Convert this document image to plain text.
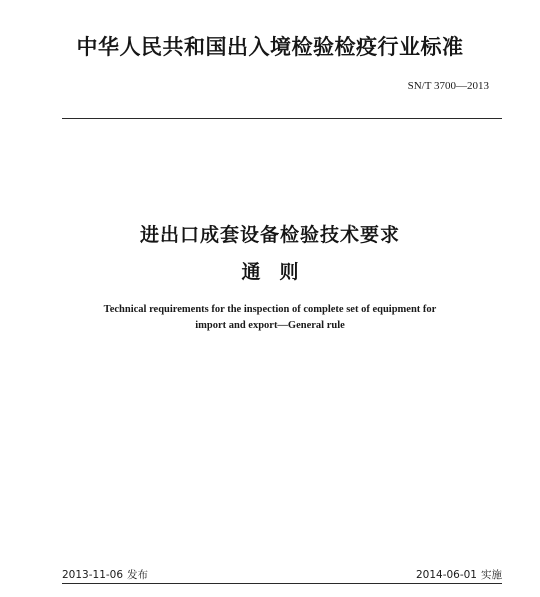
中华人民共和国出入境检验检疫行业标准
SN/T 3700—2013
进出口成套设备检验技术要求
通　则
Technical requirements for the inspection of complete set of equipment for
import and export—General rule
2013-11-06 发布	2014-06-01 实施
